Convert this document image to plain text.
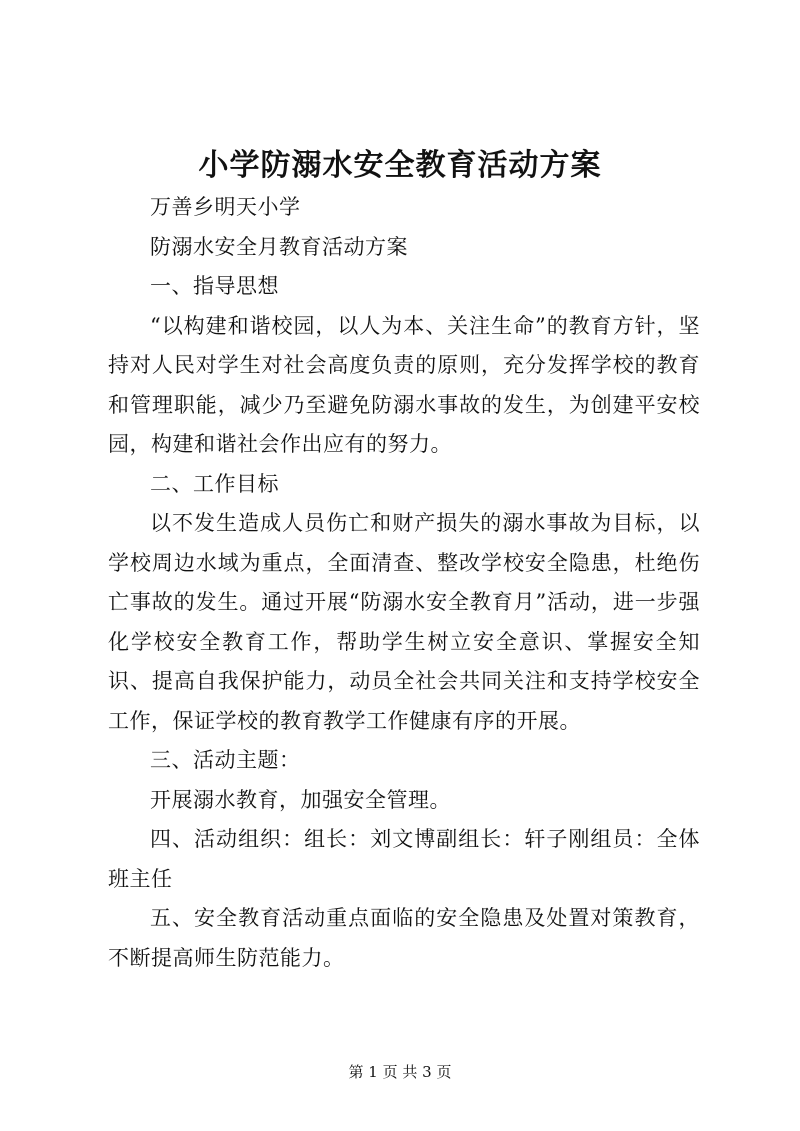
小学防溺水安全教育活动方案

万善乡明天小学

防溺水安全月教育活动方案

一、指导思想

“以构建和谐校园，以人为本、关注生命”的教育方针，坚持对人民对学生对社会高度负责的原则，充分发挥学校的教育和管理职能，减少乃至避免防溺水事故的发生，为创建平安校园，构建和谐社会作出应有的努力。

二、工作目标

以不发生造成人员伤亡和财产损失的溺水事故为目标，以学校周边水域为重点，全面清查、整改学校安全隐患，杜绝伤亡事故的发生。通过开展“防溺水安全教育月”活动，进一步强化学校安全教育工作，帮助学生树立安全意识、掌握安全知识、提高自我保护能力，动员全社会共同关注和支持学校安全工作，保证学校的教育教学工作健康有序的开展。

三、活动主题：

开展溺水教育，加强安全管理。

四、活动组织：组长：刘文博副组长：轩子刚组员：全体班主任

五、安全教育活动重点面临的安全隐患及处置对策教育，不断提高师生防范能力。

第 1 页 共 3 页
